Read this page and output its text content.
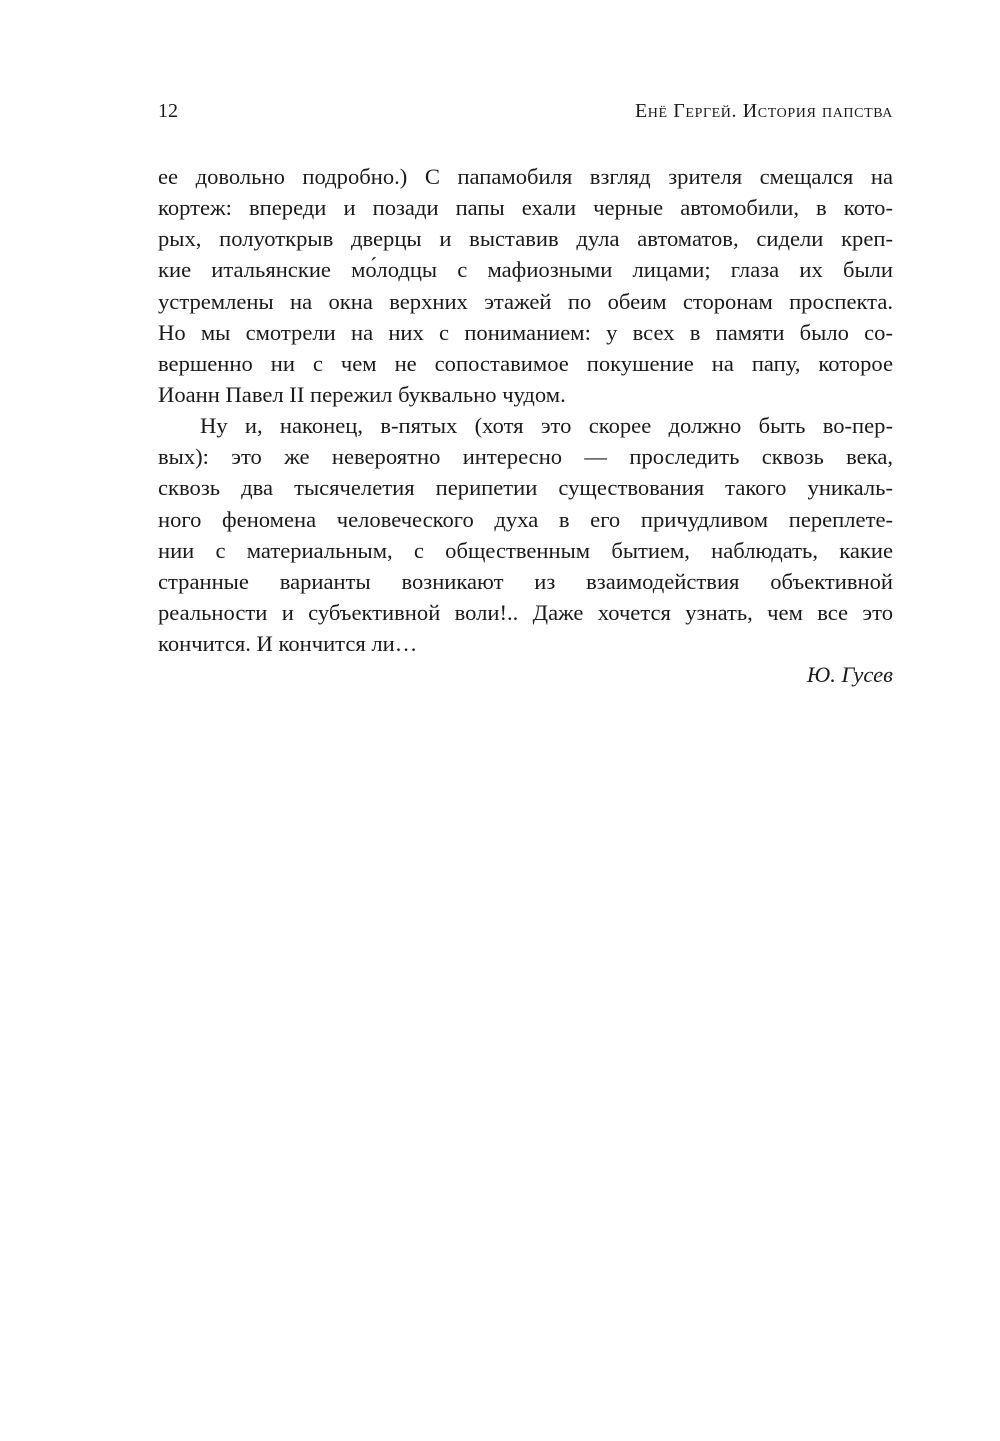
12	Енё Гергей. История папства
ее довольно подробно.) С папамобиля взгляд зрителя смещался на
кортеж: впереди и позади папы ехали черные автомобили, в кото-
рых, полуоткрыв дверцы и выставив дула автоматов, сидели креп-
кие итальянские мо́лодцы с мафиозными лицами; глаза их были
устремлены на окна верхних этажей по обеим сторонам проспекта.
Но мы смотрели на них с пониманием: у всех в памяти было со-
вершенно ни с чем не сопоставимое покушение на папу, которое
Иоанн Павел II пережил буквально чудом.
Ну и, наконец, в-пятых (хотя это скорее должно быть во-пер-
вых): это же невероятно интересно — проследить сквозь века,
сквозь два тысячелетия перипетии существования такого уникаль-
ного феномена человеческого духа в его причудливом переплете-
нии с материальным, с общественным бытием, наблюдать, какие
странные варианты возникают из взаимодействия объективной
реальности и субъективной воли!.. Даже хочется узнать, чем все это
кончится. И кончится ли…
Ю. Гусев
